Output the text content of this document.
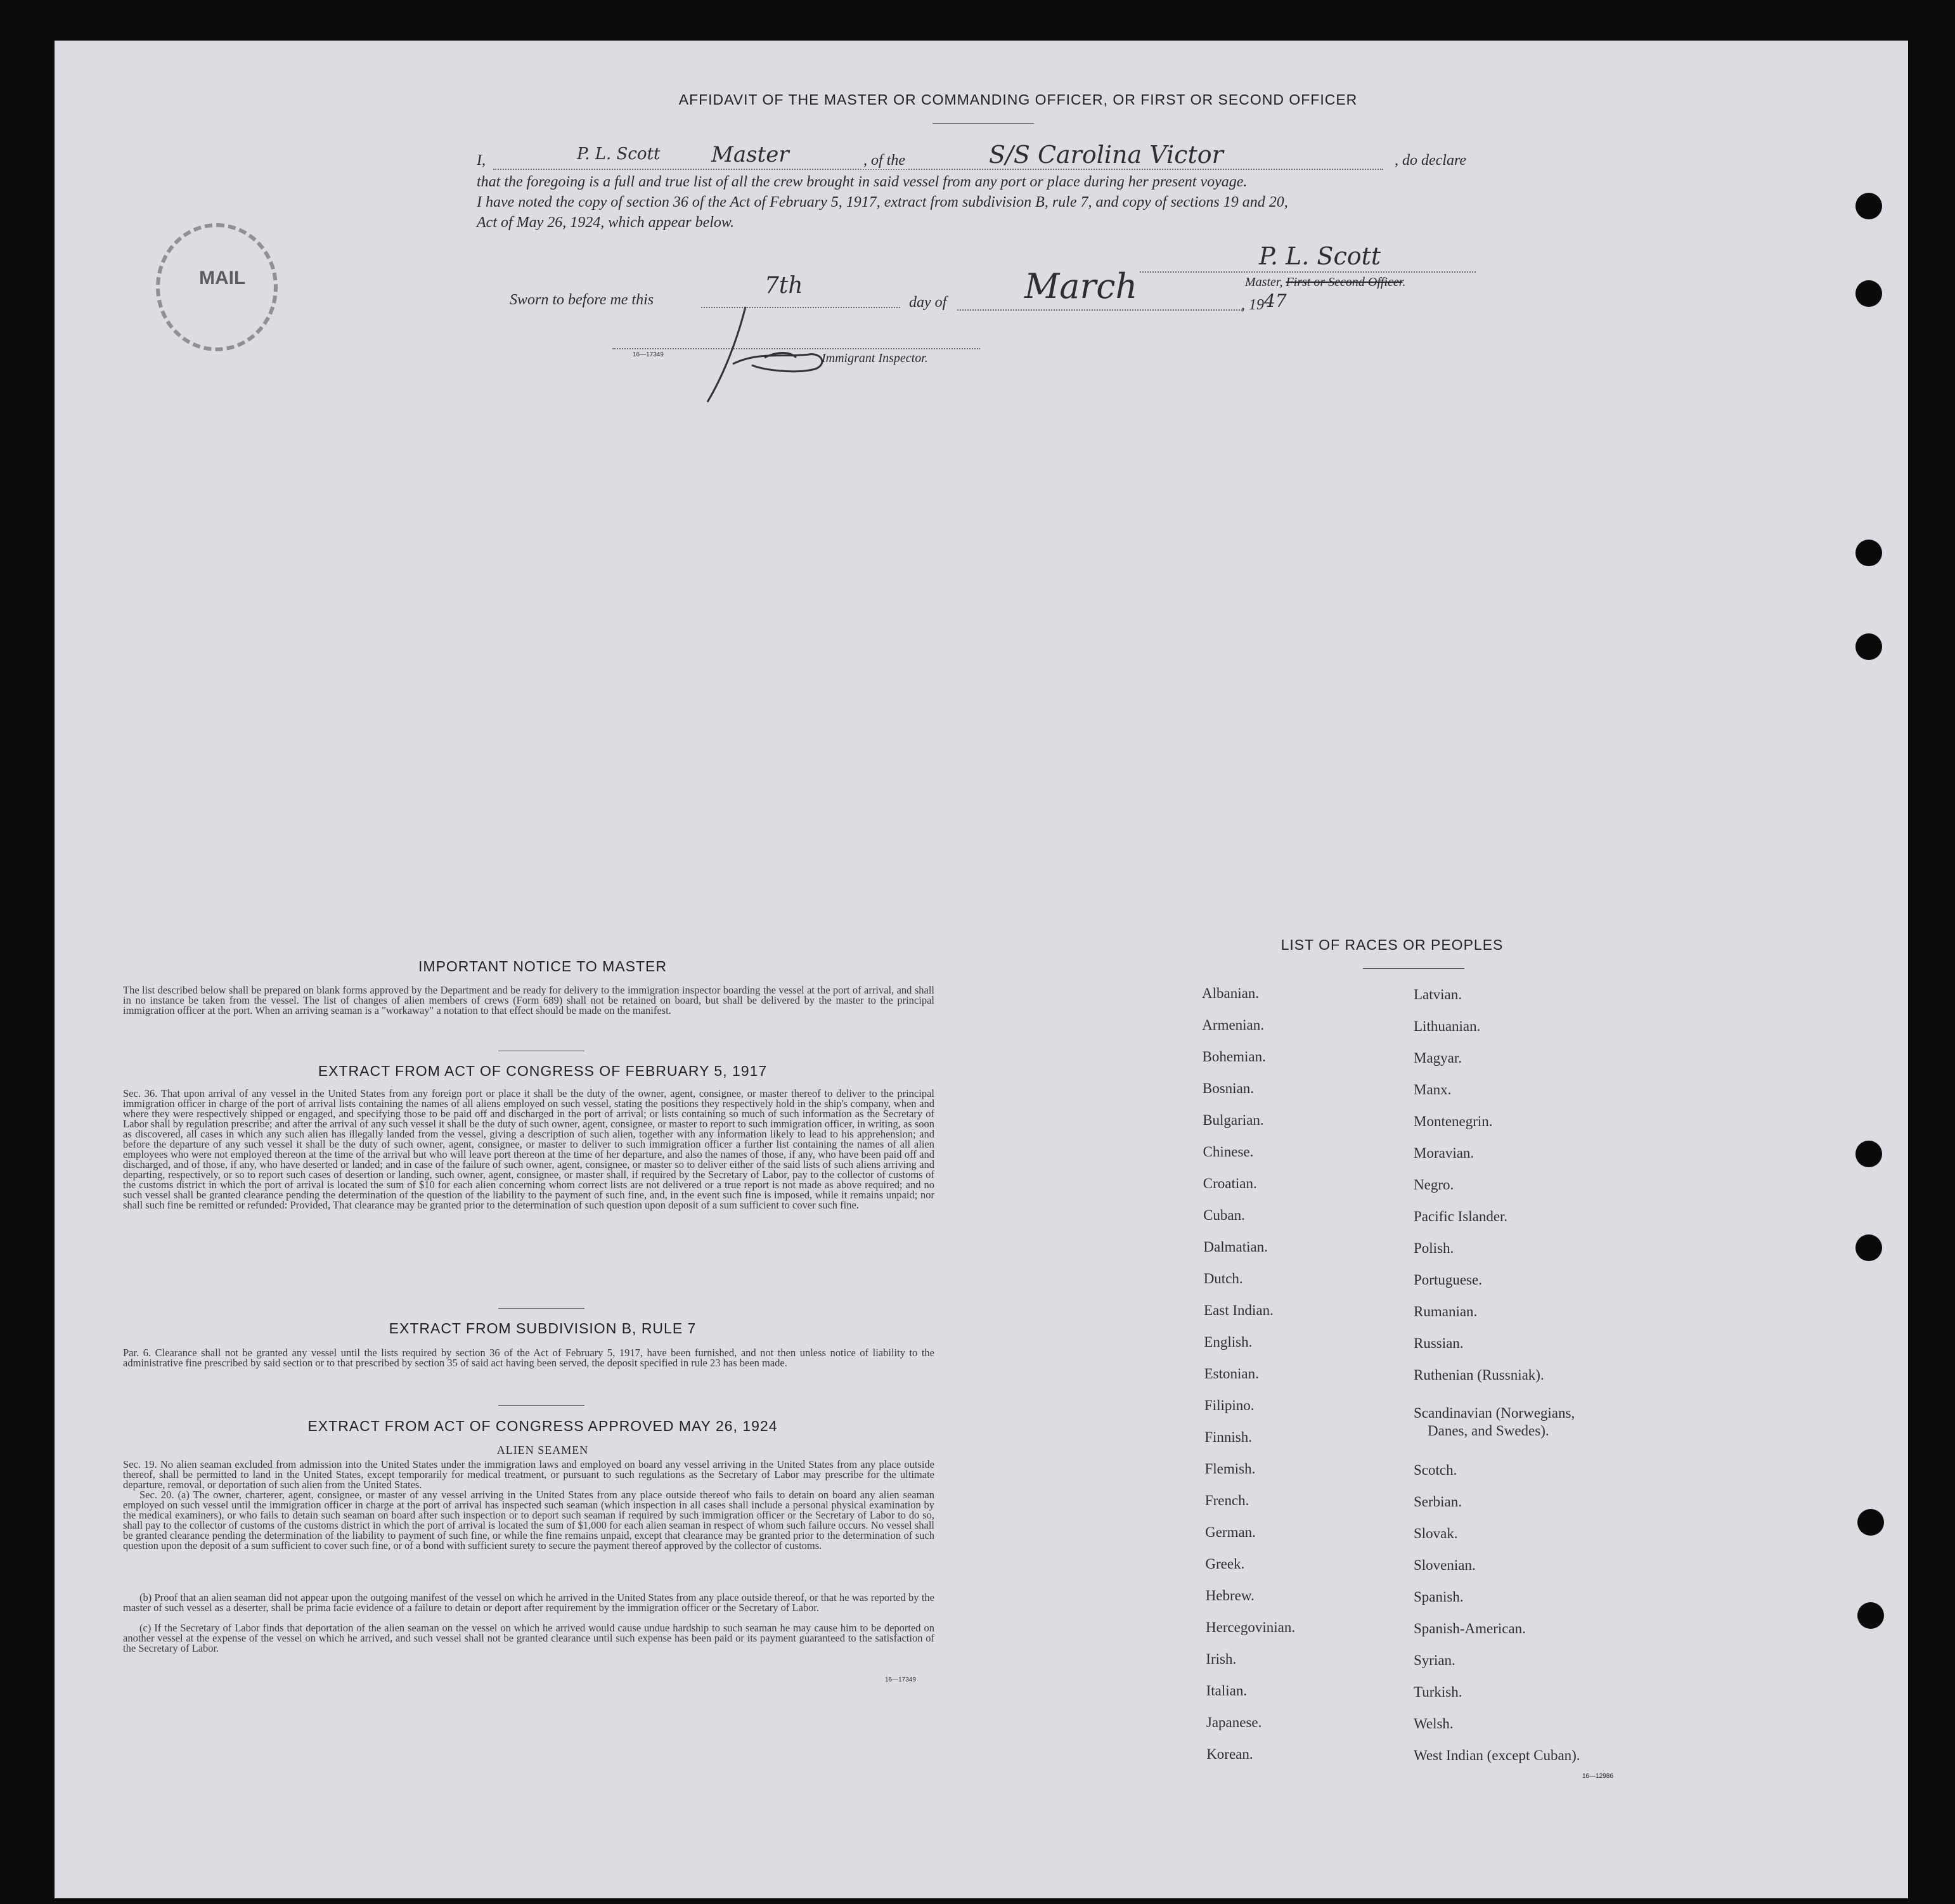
AFFIDAVIT OF THE MASTER OR COMMANDING OFFICER, OR FIRST OR SECOND OFFICER
I,	P. L. Scott Master	, of the	S/S Carolina Victor	, do declare
that the foregoing is a full and true list of all the crew brought in said vessel from any port or place during her present voyage.
I have noted the copy of section 36 of the Act of February 5, 1917, extract from subdivision B, rule 7, and copy of sections 19 and 20,
Act of May 26, 1924, which appear below.
Sworn to before me this
7th
day of March	, 19 47
P. L. Scott
Master, First or Second Officer.
16—17349	Immigrant Inspector.
MAIL
IMPORTANT NOTICE TO MASTER
The list described below shall be prepared on blank forms approved by the Department and be ready for delivery to the immigration inspector boarding the vessel at the port of arrival, and shall in no instance be taken from the vessel. The list of changes of alien members of crews (Form 689) shall not be retained on board, but shall be delivered by the master to the principal immigration officer at the port. When an arriving seaman is a "workaway" a notation to that effect should be made on the manifest.
EXTRACT FROM ACT OF CONGRESS OF FEBRUARY 5, 1917
Sec. 36. That upon arrival of any vessel in the United States from any foreign port or place it shall be the duty of the owner, agent, consignee, or master thereof to deliver to the principal immigration officer in charge of the port of arrival lists containing the names of all aliens employed on such vessel, stating the positions they respectively hold in the ship's company, when and where they were respectively shipped or engaged, and specifying those to be paid off and discharged in the port of arrival; or lists containing so much of such information as the Secretary of Labor shall by regulation prescribe; and after the arrival of any such vessel it shall be the duty of such owner, agent, consignee, or master to report to such immigration officer, in writing, as soon as discovered, all cases in which any such alien has illegally landed from the vessel, giving a description of such alien, together with any information likely to lead to his apprehension; and before the departure of any such vessel it shall be the duty of such owner, agent, consignee, or master to deliver to such immigration officer a further list containing the names of all alien employees who were not employed thereon at the time of the arrival but who will leave port thereon at the time of her departure, and also the names of those, if any, who have been paid off and discharged, and of those, if any, who have deserted or landed; and in case of the failure of such owner, agent, consignee, or master so to deliver either of the said lists of such aliens arriving and departing, respectively, or so to report such cases of desertion or landing, such owner, agent, consignee, or master shall, if required by the Secretary of Labor, pay to the collector of customs of the customs district in which the port of arrival is located the sum of $10 for each alien concerning whom correct lists are not delivered or a true report is not made as above required; and no such vessel shall be granted clearance pending the determination of the question of the liability to the payment of such fine, and, in the event such fine is imposed, while it remains unpaid; nor shall such fine be remitted or refunded: Provided, That clearance may be granted prior to the determination of such question upon deposit of a sum sufficient to cover such fine.
EXTRACT FROM SUBDIVISION B, RULE 7
Par. 6. Clearance shall not be granted any vessel until the lists required by section 36 of the Act of February 5, 1917, have been furnished, and not then unless notice of liability to the administrative fine prescribed by said section or to that prescribed by section 35 of said act having been served, the deposit specified in rule 23 has been made.
EXTRACT FROM ACT OF CONGRESS APPROVED MAY 26, 1924
ALIEN SEAMEN
Sec. 19. No alien seaman excluded from admission into the United States under the immigration laws and employed on board any vessel arriving in the United States from any place outside thereof, shall be permitted to land in the United States, except temporarily for medical treatment, or pursuant to such regulations as the Secretary of Labor may prescribe for the ultimate departure, removal, or deportation of such alien from the United States.
Sec. 20. (a) The owner, charterer, agent, consignee, or master of any vessel arriving in the United States from any place outside thereof who fails to detain on board any alien seaman employed on such vessel until the immigration officer in charge at the port of arrival has inspected such seaman (which inspection in all cases shall include a personal physical examination by the medical examiners), or who fails to detain such seaman on board after such inspection or to deport such seaman if required by such immigration officer or the Secretary of Labor to do so, shall pay to the collector of customs of the customs district in which the port of arrival is located the sum of $1,000 for each alien seaman in respect of whom such failure occurs. No vessel shall be granted clearance pending the determination of the liability to payment of such fine, or while the fine remains unpaid, except that clearance may be granted prior to the determination of such question upon the deposit of a sum sufficient to cover such fine, or of a bond with sufficient surety to secure the payment thereof approved by the collector of customs.
(b) Proof that an alien seaman did not appear upon the outgoing manifest of the vessel on which he arrived in the United States from any place outside thereof, or that he was reported by the master of such vessel as a deserter, shall be prima facie evidence of a failure to detain or deport after requirement by the immigration officer or the Secretary of Labor.
(c) If the Secretary of Labor finds that deportation of the alien seaman on the vessel on which he arrived would cause undue hardship to such seaman he may cause him to be deported on another vessel at the expense of the vessel on which he arrived, and such vessel shall not be granted clearance until such expense has been paid or its payment guaranteed to the satisfaction of the Secretary of Labor.
16—17349
LIST OF RACES OR PEOPLES
16—12986
Albanian.
Armenian.
Bohemian.
Bosnian.
Bulgarian.
Chinese.
Croatian.
Cuban.
Dalmatian.
Dutch.
East Indian.
English.
Estonian.
Filipino.
Finnish.
Flemish.
French.
German.
Greek.
Hebrew.
Hercegovinian.
Irish.
Italian.
Japanese.
Korean.
Latvian.
Lithuanian.
Magyar.
Manx.
Montenegrin.
Moravian.
Negro.
Pacific Islander.
Polish.
Portuguese.
Rumanian.
Russian.
Ruthenian (Russniak).
Scandinavian (Norwegians,
Danes, and Swedes).
Scotch.
Serbian.
Slovak.
Slovenian.
Spanish.
Spanish-American.
Syrian.
Turkish.
Welsh.
West Indian (except Cuban).
